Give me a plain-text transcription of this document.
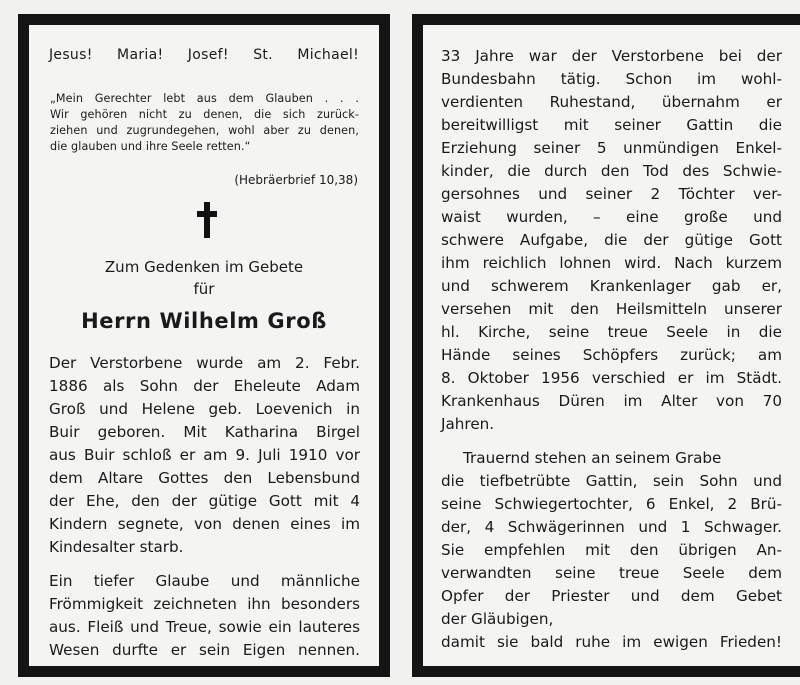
Jesus! Maria! Josef! St. Michael!
„Mein Gerechter lebt aus dem Glauben . . .
Wir gehören nicht zu denen, die sich zurück-
ziehen und zugrundegehen, wohl aber zu denen,
die glauben und ihre Seele retten.“
(Hebräerbrief 10,38)
Zum Gedenken im Gebete
für
Herrn Wilhelm Groß
Der Verstorbene wurde am 2. Febr.
1886 als Sohn der Eheleute Adam
Groß und Helene geb. Loevenich in
Buir geboren. Mit Katharina Birgel
aus Buir schloß er am 9. Juli 1910 vor
dem Altare Gottes den Lebensbund
der Ehe, den der gütige Gott mit 4
Kindern segnete, von denen eines im
Kindesalter starb.
Ein tiefer Glaube und männliche
Frömmigkeit zeichneten ihn besonders
aus. Fleiß und Treue, sowie ein lauteres
Wesen durfte er sein Eigen nennen.
33 Jahre war der Verstorbene bei der
Bundesbahn tätig. Schon im wohl-
verdienten Ruhestand, übernahm er
bereitwilligst mit seiner Gattin die
Erziehung seiner 5 unmündigen Enkel-
kinder, die durch den Tod des Schwie-
gersohnes und seiner 2 Töchter ver-
waist wurden, – eine große und
schwere Aufgabe, die der gütige Gott
ihm reichlich lohnen wird. Nach kurzem
und schwerem Krankenlager gab er,
versehen mit den Heilsmitteln unserer
hl. Kirche, seine treue Seele in die
Hände seines Schöpfers zurück; am
8. Oktober 1956 verschied er im Städt.
Krankenhaus Düren im Alter von 70
Jahren.
Trauernd stehen an seinem Grabe
die tiefbetrübte Gattin, sein Sohn und
seine Schwiegertochter, 6 Enkel, 2 Brü-
der, 4 Schwägerinnen und 1 Schwager.
Sie empfehlen mit den übrigen An-
verwandten seine treue Seele dem
Opfer der Priester und dem Gebet
der Gläubigen,
damit sie bald ruhe im ewigen Frieden!
